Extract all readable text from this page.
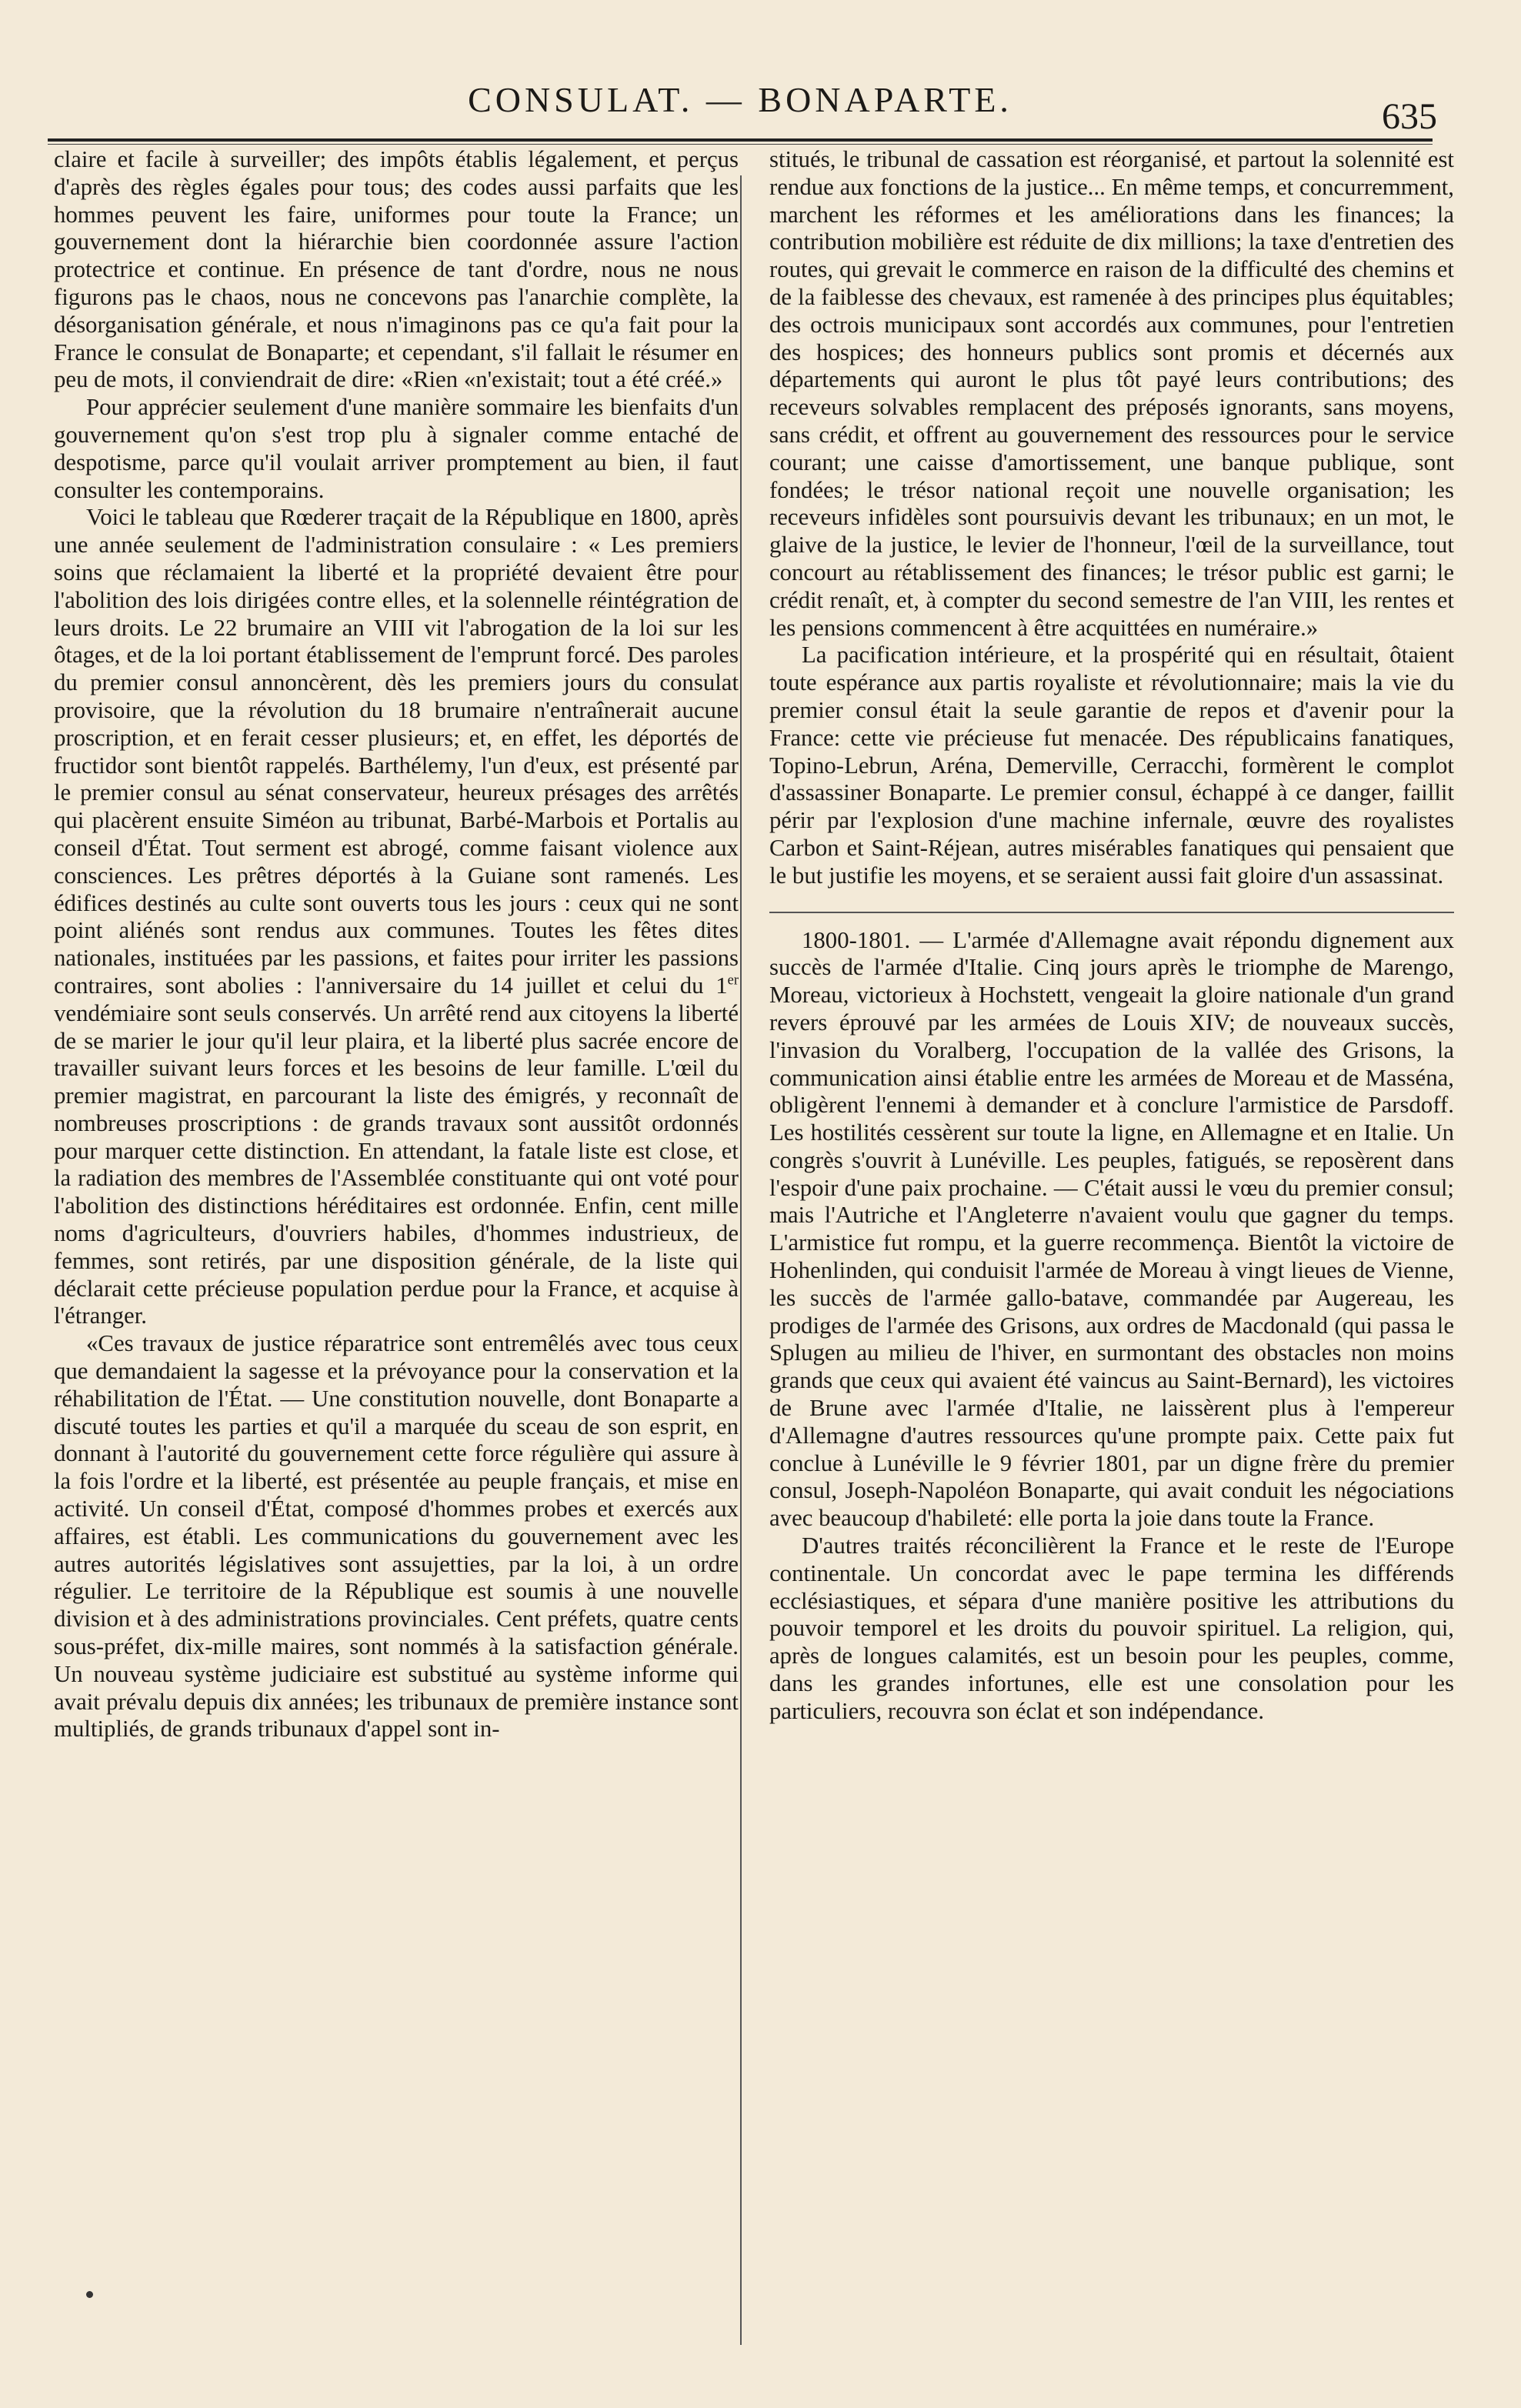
CONSULAT. — BONAPARTE.	635

claire et facile à surveiller; des impôts établis légalement, et perçus d'après des règles égales pour tous; des codes aussi parfaits que les hommes peuvent les faire, uniformes pour toute la France; un gouvernement dont la hiérarchie bien coordonnée assure l'action protectrice et continue. En présence de tant d'ordre, nous ne nous figurons pas le chaos, nous ne concevons pas l'anarchie complète, la désorganisation générale, et nous n'imaginons pas ce qu'a fait pour la France le consulat de Bonaparte; et cependant, s'il fallait le résumer en peu de mots, il conviendrait de dire: «Rien «n'existait; tout a été créé.»

Pour apprécier seulement d'une manière sommaire les bienfaits d'un gouvernement qu'on s'est trop plu à signaler comme entaché de despotisme, parce qu'il voulait arriver promptement au bien, il faut consulter les contemporains.

Voici le tableau que Rœderer traçait de la République en 1800, après une année seulement de l'administration consulaire : « Les premiers soins que réclamaient la liberté et la propriété devaient être pour l'abolition des lois dirigées contre elles, et la solennelle réintégration de leurs droits. Le 22 brumaire an VIII vit l'abrogation de la loi sur les ôtages, et de la loi portant établissement de l'emprunt forcé. Des paroles du premier consul annoncèrent, dès les premiers jours du consulat provisoire, que la révolution du 18 brumaire n'entraînerait aucune proscription, et en ferait cesser plusieurs; et, en effet, les déportés de fructidor sont bientôt rappelés. Barthélemy, l'un d'eux, est présenté par le premier consul au sénat conservateur, heureux présages des arrêtés qui placèrent ensuite Siméon au tribunat, Barbé-Marbois et Portalis au conseil d'État. Tout serment est abrogé, comme faisant violence aux consciences. Les prêtres déportés à la Guiane sont ramenés. Les édifices destinés au culte sont ouverts tous les jours : ceux qui ne sont point aliénés sont rendus aux communes. Toutes les fêtes dites nationales, instituées par les passions, et faites pour irriter les passions contraires, sont abolies : l'anniversaire du 14 juillet et celui du 1er vendémiaire sont seuls conservés. Un arrêté rend aux citoyens la liberté de se marier le jour qu'il leur plaira, et la liberté plus sacrée encore de travailler suivant leurs forces et les besoins de leur famille. L'œil du premier magistrat, en parcourant la liste des émigrés, y reconnaît de nombreuses proscriptions : de grands travaux sont aussitôt ordonnés pour marquer cette distinction. En attendant, la fatale liste est close, et la radiation des membres de l'Assemblée constituante qui ont voté pour l'abolition des distinctions héréditaires est ordonnée. Enfin, cent mille noms d'agriculteurs, d'ouvriers habiles, d'hommes industrieux, de femmes, sont retirés, par une disposition générale, de la liste qui déclarait cette précieuse population perdue pour la France, et acquise à l'étranger.

«Ces travaux de justice réparatrice sont entremêlés avec tous ceux que demandaient la sagesse et la prévoyance pour la conservation et la réhabilitation de l'État. — Une constitution nouvelle, dont Bonaparte a discuté toutes les parties et qu'il a marquée du sceau de son esprit, en donnant à l'autorité du gouvernement cette force régulière qui assure à la fois l'ordre et la liberté, est présentée au peuple français, et mise en activité. Un conseil d'État, composé d'hommes probes et exercés aux affaires, est établi. Les communications du gouvernement avec les autres autorités législatives sont assujetties, par la loi, à un ordre régulier. Le territoire de la République est soumis à une nouvelle division et à des administrations provinciales. Cent préfets, quatre cents sous-préfet, dix-mille maires, sont nommés à la satisfaction générale. Un nouveau système judiciaire est substitué au système informe qui avait prévalu depuis dix années; les tribunaux de première instance sont multipliés, de grands tribunaux d'appel sont in-

stitués, le tribunal de cassation est réorganisé, et partout la solennité est rendue aux fonctions de la justice... En même temps, et concurremment, marchent les réformes et les améliorations dans les finances; la contribution mobilière est réduite de dix millions; la taxe d'entretien des routes, qui grevait le commerce en raison de la difficulté des chemins et de la faiblesse des chevaux, est ramenée à des principes plus équitables; des octrois municipaux sont accordés aux communes, pour l'entretien des hospices; des honneurs publics sont promis et décernés aux départements qui auront le plus tôt payé leurs contributions; des receveurs solvables remplacent des préposés ignorants, sans moyens, sans crédit, et offrent au gouvernement des ressources pour le service courant; une caisse d'amortissement, une banque publique, sont fondées; le trésor national reçoit une nouvelle organisation; les receveurs infidèles sont poursuivis devant les tribunaux; en un mot, le glaive de la justice, le levier de l'honneur, l'œil de la surveillance, tout concourt au rétablissement des finances; le trésor public est garni; le crédit renaît, et, à compter du second semestre de l'an VIII, les rentes et les pensions commencent à être acquittées en numéraire.»

La pacification intérieure, et la prospérité qui en résultait, ôtaient toute espérance aux partis royaliste et révolutionnaire; mais la vie du premier consul était la seule garantie de repos et d'avenir pour la France: cette vie précieuse fut menacée. Des républicains fanatiques, Topino-Lebrun, Aréna, Demerville, Cerracchi, formèrent le complot d'assassiner Bonaparte. Le premier consul, échappé à ce danger, faillit périr par l'explosion d'une machine infernale, œuvre des royalistes Carbon et Saint-Réjean, autres misérables fanatiques qui pensaient que le but justifie les moyens, et se seraient aussi fait gloire d'un assassinat.

1800-1801. — L'armée d'Allemagne avait répondu dignement aux succès de l'armée d'Italie. Cinq jours après le triomphe de Marengo, Moreau, victorieux à Hochstett, vengeait la gloire nationale d'un grand revers éprouvé par les armées de Louis XIV; de nouveaux succès, l'invasion du Voralberg, l'occupation de la vallée des Grisons, la communication ainsi établie entre les armées de Moreau et de Masséna, obligèrent l'ennemi à demander et à conclure l'armistice de Parsdoff. Les hostilités cessèrent sur toute la ligne, en Allemagne et en Italie. Un congrès s'ouvrit à Lunéville. Les peuples, fatigués, se reposèrent dans l'espoir d'une paix prochaine. — C'était aussi le vœu du premier consul; mais l'Autriche et l'Angleterre n'avaient voulu que gagner du temps. L'armistice fut rompu, et la guerre recommença. Bientôt la victoire de Hohenlinden, qui conduisit l'armée de Moreau à vingt lieues de Vienne, les succès de l'armée gallo-batave, commandée par Augereau, les prodiges de l'armée des Grisons, aux ordres de Macdonald (qui passa le Splugen au milieu de l'hiver, en surmontant des obstacles non moins grands que ceux qui avaient été vaincus au Saint-Bernard), les victoires de Brune avec l'armée d'Italie, ne laissèrent plus à l'empereur d'Allemagne d'autres ressources qu'une prompte paix. Cette paix fut conclue à Lunéville le 9 février 1801, par un digne frère du premier consul, Joseph-Napoléon Bonaparte, qui avait conduit les négociations avec beaucoup d'habileté: elle porta la joie dans toute la France.

D'autres traités réconcilièrent la France et le reste de l'Europe continentale. Un concordat avec le pape termina les différends ecclésiastiques, et sépara d'une manière positive les attributions du pouvoir temporel et les droits du pouvoir spirituel. La religion, qui, après de longues calamités, est un besoin pour les peuples, comme, dans les grandes infortunes, elle est une consolation pour les particuliers, recouvra son éclat et son indépendance.
